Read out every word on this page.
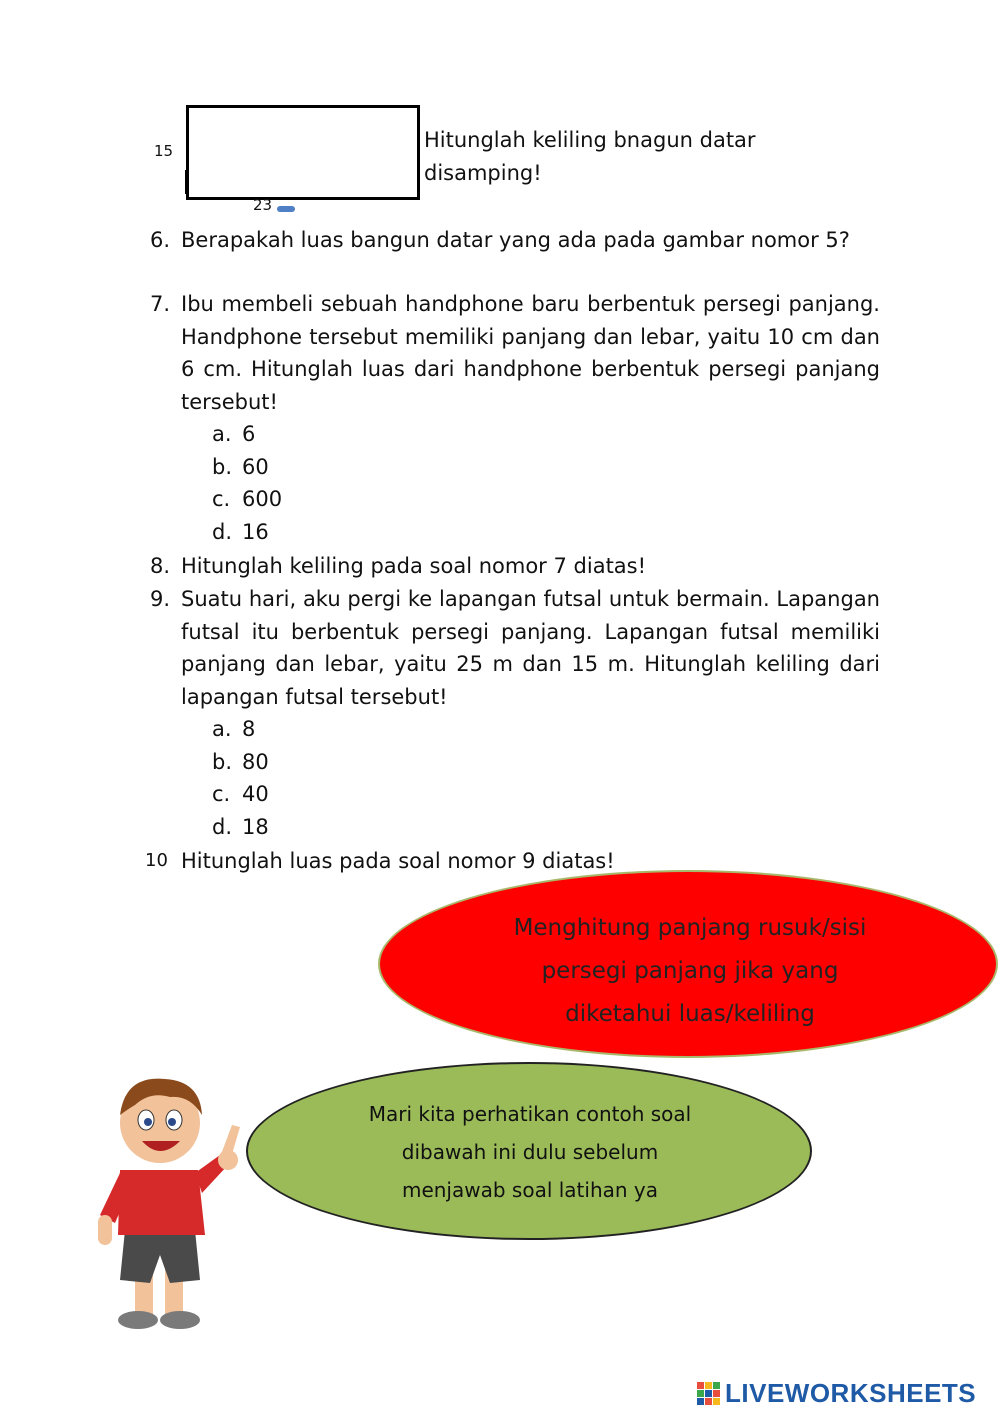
15
23
Hitunglah keliling bnagun datar disamping!
6. Berapakah luas bangun datar yang ada pada gambar nomor 5?
7. Ibu membeli sebuah handphone baru berbentuk persegi panjang. Handphone tersebut memiliki panjang dan lebar, yaitu 10 cm dan 6 cm. Hitunglah luas dari handphone berbentuk persegi panjang tersebut!
a. 6
b. 60
c. 600
d. 16
8. Hitunglah keliling pada soal nomor 7 diatas!
9. Suatu hari, aku pergi ke lapangan futsal untuk bermain. Lapangan futsal itu berbentuk persegi panjang. Lapangan futsal memiliki panjang dan lebar, yaitu 25 m dan 15 m. Hitunglah keliling dari lapangan futsal tersebut!
a. 8
b. 80
c. 40
d. 18
10 Hitunglah luas pada soal nomor 9 diatas!
Menghitung panjang rusuk/sisi
persegi panjang jika yang
diketahui luas/keliling
Mari kita perhatikan contoh soal
dibawah ini dulu sebelum
menjawab soal latihan ya
LIVEWORKSHEETS
